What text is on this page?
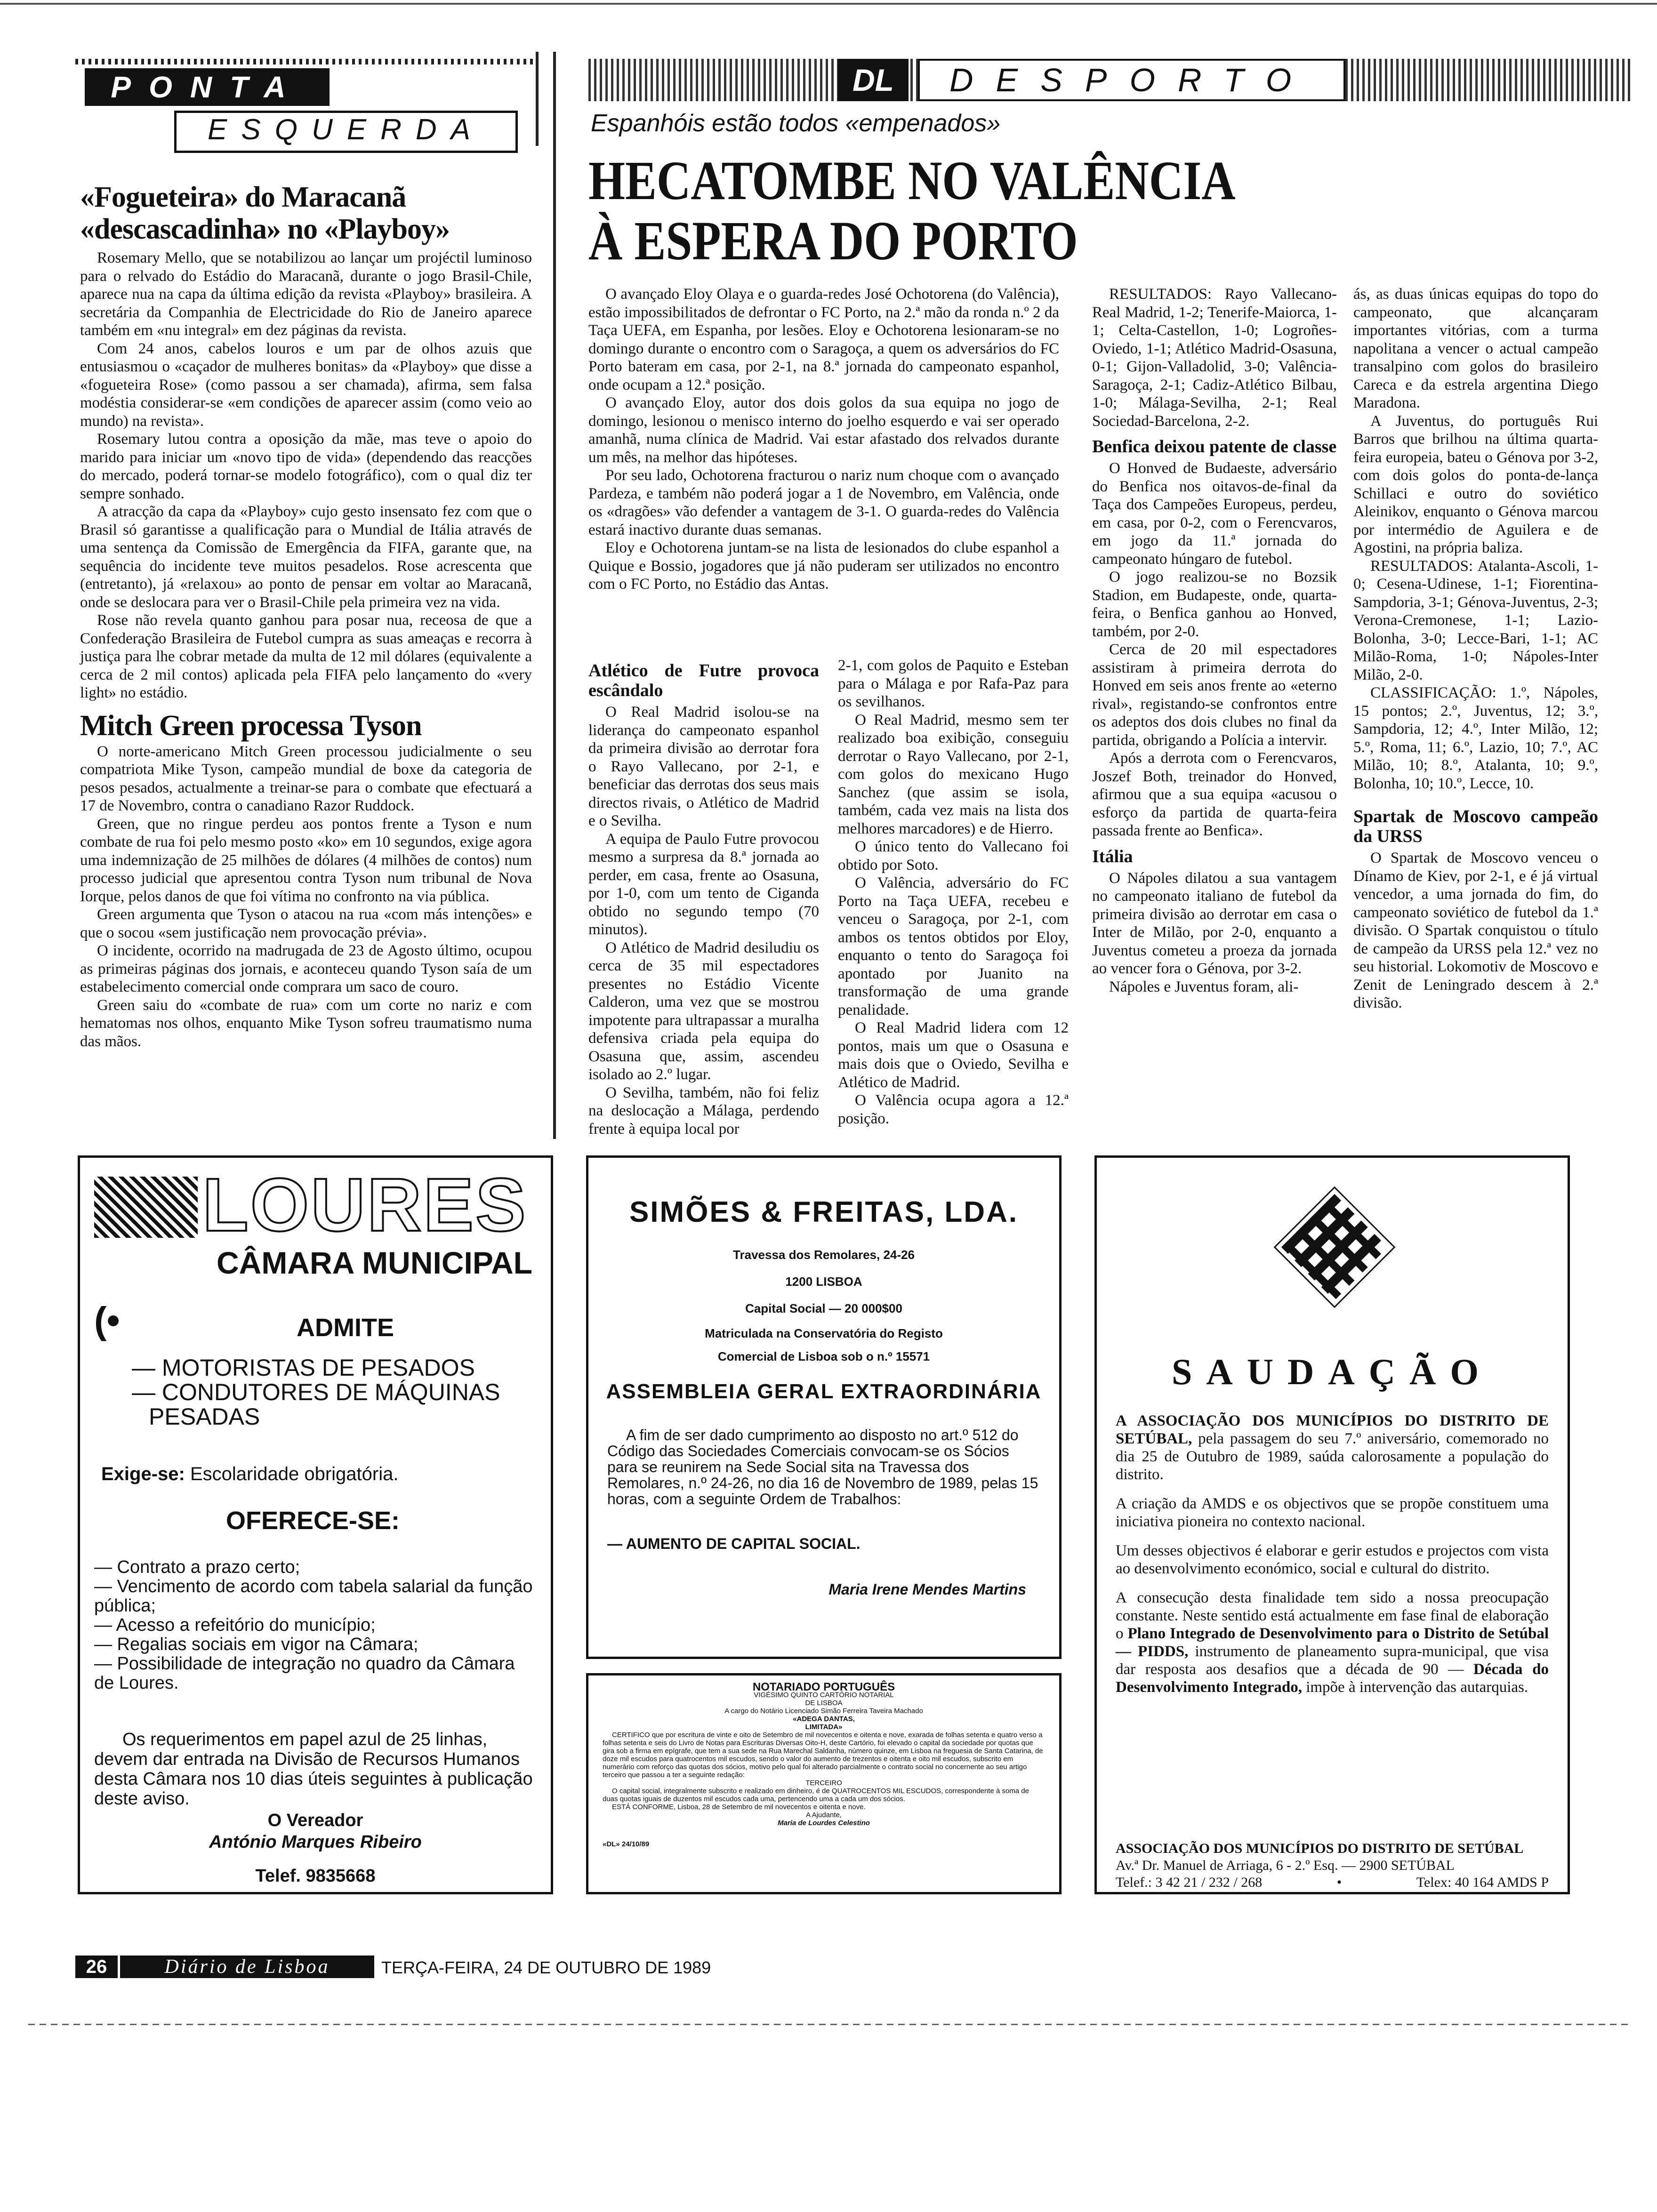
PONTA
ESQUERDA
«Fogueteira» do Maracanã
«descascadinha» no «Playboy»

Rosemary Mello, que se notabilizou ao lançar um projéctil luminoso para o relvado do Estádio do Maracanã, durante o jogo Brasil-Chile, aparece nua na capa da última edição da revista «Playboy» brasileira. A secretária da Companhia de Electricidade do Rio de Janeiro aparece também em «nu integral» em dez páginas da revista.

Com 24 anos, cabelos louros e um par de olhos azuis que entusiasmou o «caçador de mulheres bonitas» da «Playboy» que disse a «fogueteira Rose» (como passou a ser chamada), afirma, sem falsa modéstia considerar-se «em condições de aparecer assim (como veio ao mundo) na revista».

Rosemary lutou contra a oposição da mãe, mas teve o apoio do marido para iniciar um «novo tipo de vida» (dependendo das reacções do mercado, poderá tornar-se modelo fotográfico), com o qual diz ter sempre sonhado.

A atracção da capa da «Playboy» cujo gesto insensato fez com que o Brasil só garantisse a qualificação para o Mundial de Itália através de uma sentença da Comissão de Emergência da FIFA, garante que, na sequência do incidente teve muitos pesadelos. Rose acrescenta que (entretanto), já «relaxou» ao ponto de pensar em voltar ao Maracanã, onde se deslocara para ver o Brasil-Chile pela primeira vez na vida.

Rose não revela quanto ganhou para posar nua, receosa de que a Confederação Brasileira de Futebol cumpra as suas ameaças e recorra à justiça para lhe cobrar metade da multa de 12 mil dólares (equivalente a cerca de 2 mil contos) aplicada pela FIFA pelo lançamento do «very light» no estádio.

Mitch Green processa Tyson

O norte-americano Mitch Green processou judicialmente o seu compatriota Mike Tyson, campeão mundial de boxe da categoria de pesos pesados, actualmente a treinar-se para o combate que efectuará a 17 de Novembro, contra o canadiano Razor Ruddock.

Green, que no ringue perdeu aos pontos frente a Tyson e num combate de rua foi pelo mesmo posto «ko» em 10 segundos, exige agora uma indemnização de 25 milhões de dólares (4 milhões de contos) num processo judicial que apresentou contra Tyson num tribunal de Nova Iorque, pelos danos de que foi vítima no confronto na via pública.

Green argumenta que Tyson o atacou na rua «com más intenções» e que o socou «sem justificação nem provocação prévia».

O incidente, ocorrido na madrugada de 23 de Agosto último, ocupou as primeiras páginas dos jornais, e aconteceu quando Tyson saía de um estabelecimento comercial onde comprara um saco de couro.

Green saiu do «combate de rua» com um corte no nariz e com hematomas nos olhos, enquanto Mike Tyson sofreu traumatismo numa das mãos.

DL	DESPORTO
Espanhóis estão todos «empenados»
HECATOMBE NO VALÊNCIA
À ESPERA DO PORTO

O avançado Eloy Olaya e o guarda-redes José Ochotorena (do Valência), estão impossibilitados de defrontar o FC Porto, na 2.ª mão da ronda n.º 2 da Taça UEFA, em Espanha, por lesões. Eloy e Ochotorena lesionaram-se no domingo durante o encontro com o Saragoça, a quem os adversários do FC Porto bateram em casa, por 2-1, na 8.ª jornada do campeonato espanhol, onde ocupam a 12.ª posição.

O avançado Eloy, autor dos dois golos da sua equipa no jogo de domingo, lesionou o menisco interno do joelho esquerdo e vai ser operado amanhã, numa clínica de Madrid. Vai estar afastado dos relvados durante um mês, na melhor das hipóteses.

Por seu lado, Ochotorena fracturou o nariz num choque com o avançado Pardeza, e também não poderá jogar a 1 de Novembro, em Valência, onde os «dragões» vão defender a vantagem de 3-1. O guarda-redes do Valência estará inactivo durante duas semanas.

Eloy e Ochotorena juntam-se na lista de lesionados do clube espanhol a Quique e Bossio, jogadores que já não puderam ser utilizados no encontro com o FC Porto, no Estádio das Antas.

Atlético de Futre provoca escândalo

O Real Madrid isolou-se na liderança do campeonato espanhol da primeira divisão ao derrotar fora o Rayo Vallecano, por 2-1, e beneficiar das derrotas dos seus mais directos rivais, o Atlético de Madrid e o Sevilha.

A equipa de Paulo Futre provocou mesmo a surpresa da 8.ª jornada ao perder, em casa, frente ao Osasuna, por 1-0, com um tento de Ciganda obtido no segundo tempo (70 minutos).

O Atlético de Madrid desiludiu os cerca de 35 mil espectadores presentes no Estádio Vicente Calderon, uma vez que se mostrou impotente para ultrapassar a muralha defensiva criada pela equipa do Osasuna que, assim, ascendeu isolado ao 2.º lugar.

O Sevilha, também, não foi feliz na deslocação a Málaga, perdendo frente à equipa local por

2-1, com golos de Paquito e Esteban para o Málaga e por Rafa-Paz para os sevilhanos.

O Real Madrid, mesmo sem ter realizado boa exibição, conseguiu derrotar o Rayo Vallecano, por 2-1, com golos do mexicano Hugo Sanchez (que assim se isola, também, cada vez mais na lista dos melhores marcadores) e de Hierro.

O único tento do Vallecano foi obtido por Soto.

O Valência, adversário do FC Porto na Taça UEFA, recebeu e venceu o Saragoça, por 2-1, com ambos os tentos obtidos por Eloy, enquanto o tento do Saragoça foi apontado por Juanito na transformação de uma grande penalidade.

O Real Madrid lidera com 12 pontos, mais um que o Osasuna e mais dois que o Oviedo, Sevilha e Atlético de Madrid.

O Valência ocupa agora a 12.ª posição.

RESULTADOS: Rayo Vallecano-Real Madrid, 1-2; Tenerife-Maiorca, 1-1; Celta-Castellon, 1-0; Logroñes-Oviedo, 1-1; Atlético Madrid-Osasuna, 0-1; Gijon-Valladolid, 3-0; Valência-Saragoça, 2-1; Cadiz-Atlético Bilbau, 1-0; Málaga-Sevilha, 2-1; Real Sociedad-Barcelona, 2-2.

Benfica deixou patente de classe

O Honved de Budaeste, adversário do Benfica nos oitavos-de-final da Taça dos Campeões Europeus, perdeu, em casa, por 0-2, com o Ferencvaros, em jogo da 11.ª jornada do campeonato húngaro de futebol.

O jogo realizou-se no Bozsik Stadion, em Budapeste, onde, quarta-feira, o Benfica ganhou ao Honved, também, por 2-0.

Cerca de 20 mil espectadores assistiram à primeira derrota do Honved em seis anos frente ao «eterno rival», registando-se confrontos entre os adeptos dos dois clubes no final da partida, obrigando a Polícia a intervir.

Após a derrota com o Ferencvaros, Joszef Both, treinador do Honved, afirmou que a sua equipa «acusou o esforço da partida de quarta-feira passada frente ao Benfica».

Itália

O Nápoles dilatou a sua vantagem no campeonato italiano de futebol da primeira divisão ao derrotar em casa o Inter de Milão, por 2-0, enquanto a Juventus cometeu a proeza da jornada ao vencer fora o Génova, por 3-2.

Nápoles e Juventus foram, ali-

ás, as duas únicas equipas do topo do campeonato, que alcançaram importantes vitórias, com a turma napolitana a vencer o actual campeão transalpino com golos do brasileiro Careca e da estrela argentina Diego Maradona.

A Juventus, do português Rui Barros que brilhou na última quarta-feira europeia, bateu o Génova por 3-2, com dois golos do ponta-de-lança Schillaci e outro do soviético Aleinikov, enquanto o Génova marcou por intermédio de Aguilera e de Agostini, na própria baliza.

RESULTADOS: Atalanta-Ascoli, 1-0; Cesena-Udinese, 1-1; Fiorentina-Sampdoria, 3-1; Génova-Juventus, 2-3; Verona-Cremonese, 1-1; Lazio-Bolonha, 3-0; Lecce-Bari, 1-1; AC Milão-Roma, 1-0; Nápoles-Inter Milão, 2-0.

CLASSIFICAÇÃO: 1.º, Nápoles, 15 pontos; 2.º, Juventus, 12; 3.º, Sampdoria, 12; 4.º, Inter Milão, 12; 5.º, Roma, 11; 6.º, Lazio, 10; 7.º, AC Milão, 10; 8.º, Atalanta, 10; 9.º, Bolonha, 10; 10.º, Lecce, 10.

Spartak de Moscovo campeão da URSS

O Spartak de Moscovo venceu o Dínamo de Kiev, por 2-1, e é já virtual vencedor, a uma jornada do fim, do campeonato soviético de futebol da 1.ª divisão. O Spartak conquistou o título de campeão da URSS pela 12.ª vez no seu historial. Lokomotiv de Moscovo e Zenit de Leningrado descem à 2.ª divisão.

LOURES
CÂMARA MUNICIPAL
(•	ADMITE
— MOTORISTAS DE PESADOS
— CONDUTORES DE MÁQUINAS
PESADAS
Exige-se: Escolaridade obrigatória.
OFERECE-SE:
— Contrato a prazo certo;
— Vencimento de acordo com tabela salarial da função pública;
— Acesso a refeitório do município;
— Regalias sociais em vigor na Câmara;
— Possibilidade de integração no quadro da Câmara de Loures.
Os requerimentos em papel azul de 25 linhas, devem dar entrada na Divisão de Recursos Humanos desta Câmara nos 10 dias úteis seguintes à publicação deste aviso.
O Vereador
António Marques Ribeiro
Telef. 9835668
SIMÕES & FREITAS, LDA.
Travessa dos Remolares, 24-26
1200 LISBOA
Capital Social — 20 000$00
Matriculada na Conservatória do Registo
Comercial de Lisboa sob o n.º 15571
ASSEMBLEIA GERAL EXTRAORDINÁRIA
A fim de ser dado cumprimento ao disposto no art.º 512 do Código das Sociedades Comerciais convocam-se os Sócios para se reunirem na Sede Social sita na Travessa dos Remolares, n.º 24-26, no dia 16 de Novembro de 1989, pelas 15 horas, com a seguinte Ordem de Trabalhos:
— AUMENTO DE CAPITAL SOCIAL.
Maria Irene Mendes Martins
NOTARIADO PORTUGUÊS
VIGÉSIMO QUINTO CARTÓRIO NOTARIAL
DE LISBOA
A cargo do Notário Licenciado Simão Ferreira Taveira Machado
«ADEGA DANTAS,
LIMITADA»
CERTIFICO que por escritura de vinte e oito de Setembro de mil novecentos e oitenta e nove, exarada de folhas setenta e quatro verso a folhas setenta e seis do Livro de Notas para Escrituras Diversas Oito-H, deste Cartório, foi elevado o capital da sociedade por quotas que gira sob a firma em epígrafe, que tem a sua sede na Rua Marechal Saldanha, número quinze, em Lisboa na freguesia de Santa Catarina, de doze mil escudos para quatrocentos mil escudos, sendo o valor do aumento de trezentos e oitenta e oito mil escudos, subscrito em numerário com reforço das quotas dos sócios, motivo pelo qual foi alterado parcialmente o contrato social no concernente ao seu artigo terceiro que passou a ter a seguinte redação:
TERCEIRO
O capital social, integralmente subscrito e realizado em dinheiro, é de QUATROCENTOS MIL ESCUDOS, correspondente à soma de duas quotas iguais de duzentos mil escudos cada uma, pertencendo uma a cada um dos sócios.
ESTÁ CONFORME, Lisboa, 28 de Setembro de mil novecentos e oitenta e nove.
A Ajudante,
Maria de Lourdes Celestino
«DL» 24/10/89
SAUDAÇÃO

A ASSOCIAÇÃO DOS MUNICÍPIOS DO DISTRITO DE SETÚBAL, pela passagem do seu 7.º aniversário, comemorado no dia 25 de Outubro de 1989, saúda calorosamente a população do distrito.

A criação da AMDS e os objectivos que se propõe constituem uma iniciativa pioneira no contexto nacional.

Um desses objectivos é elaborar e gerir estudos e projectos com vista ao desenvolvimento económico, social e cultural do distrito.

A consecução desta finalidade tem sido a nossa preocupação constante. Neste sentido está actualmente em fase final de elaboração o Plano Integrado de Desenvolvimento para o Distrito de Setúbal — PIDDS, instrumento de planeamento supra-municipal, que visa dar resposta aos desafios que a década de 90 — Década do Desenvolvimento Integrado, impõe à intervenção das autarquias.

ASSOCIAÇÃO DOS MUNICÍPIOS DO DISTRITO DE SETÚBAL
Av.ª Dr. Manuel de Arriaga, 6 - 2.º Esq. — 2900 SETÚBAL
Telef.: 3 42 21 / 232 / 268	•	Telex: 40 164 AMDS P
26	Diário de Lisboa	TERÇA-FEIRA, 24 DE OUTUBRO DE 1989
